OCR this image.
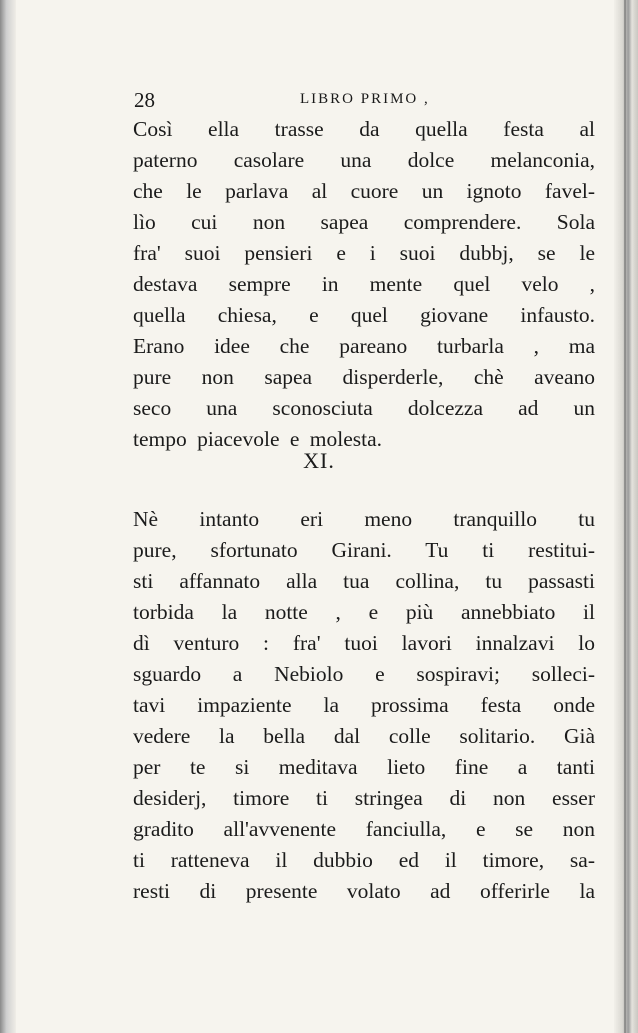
28	LIBRO PRIMO ,
Così ella trasse da quella festa al
paterno casolare una dolce melanconia,
che le parlava al cuore un ignoto favel-
lìo cui non sapea comprendere. Sola
fra' suoi pensieri e i suoi dubbj, se le
destava sempre in mente quel velo ,
quella chiesa, e quel giovane infausto.
Erano idee che pareano turbarla , ma
pure non sapea disperderle, chè aveano
seco una sconosciuta dolcezza ad un
tempo piacevole e molesta.
XI.
Nè intanto eri meno tranquillo tu
pure, sfortunato Girani. Tu ti restitui-
sti affannato alla tua collina, tu passasti
torbida la notte , e più annebbiato il
dì venturo : fra' tuoi lavori innalzavi lo
sguardo a Nebiolo e sospiravi; solleci-
tavi impaziente la prossima festa onde
vedere la bella dal colle solitario. Già
per te si meditava lieto fine a tanti
desiderj, timore ti stringea di non esser
gradito all'avvenente fanciulla, e se non
ti ratteneva il dubbio ed il timore, sa-
resti di presente volato ad offerirle la
